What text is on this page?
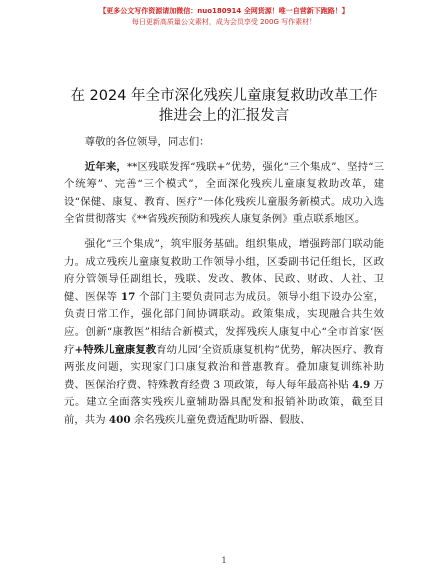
【更多公文写作资源请加微信：nuo180914 全网货源！唯一自营新下跑路！】
每日更新高质量公文素材，成为会员享受 200G 写作素材！
在 2024 年全市深化残疾儿童康复救助改革工作
推进会上的汇报发言

尊敬的各位领导，同志们：

近年来，**区残联发挥“残联+”优势，强化“三个集成”、坚持“三个统筹”、完善“三个模式”，全面深化残疾儿童康复救助改革，建设“保健、康复、教育、医疗”一体化残疾儿童服务新模式。成功入选全省贯彻落实《**省残疾预防和残疾人康复条例》重点联系地区。

强化“三个集成”，筑牢服务基础。组织集成，增强跨部门联动能力。成立残疾儿童康复救助工作领导小组，区委副书记任组长，区政府分管领导任副组长，残联、发改、教体、民政、财政、人社、卫健、医保等 17 个部门主要负责同志为成员。领导小组下设办公室，负责日常工作，强化部门间协调联动。政策集成，实现融合共生效应。创新“康教医”相结合新模式，发挥残疾人康复中心“全市首家‘医疗+特殊儿童康复教育幼儿园’全资质康复机构”优势，解决医疗、教育两张皮问题，实现家门口康复救治和普惠教育。叠加康复训练补助费、医保治疗费、特殊教育经费 3 项政策，每人每年最高补贴 4.9 万元。建立全面落实残疾儿童辅助器具配发和报销补助政策，截至目前，共为 400 余名残疾儿童免费适配助听器、假肢、

1
